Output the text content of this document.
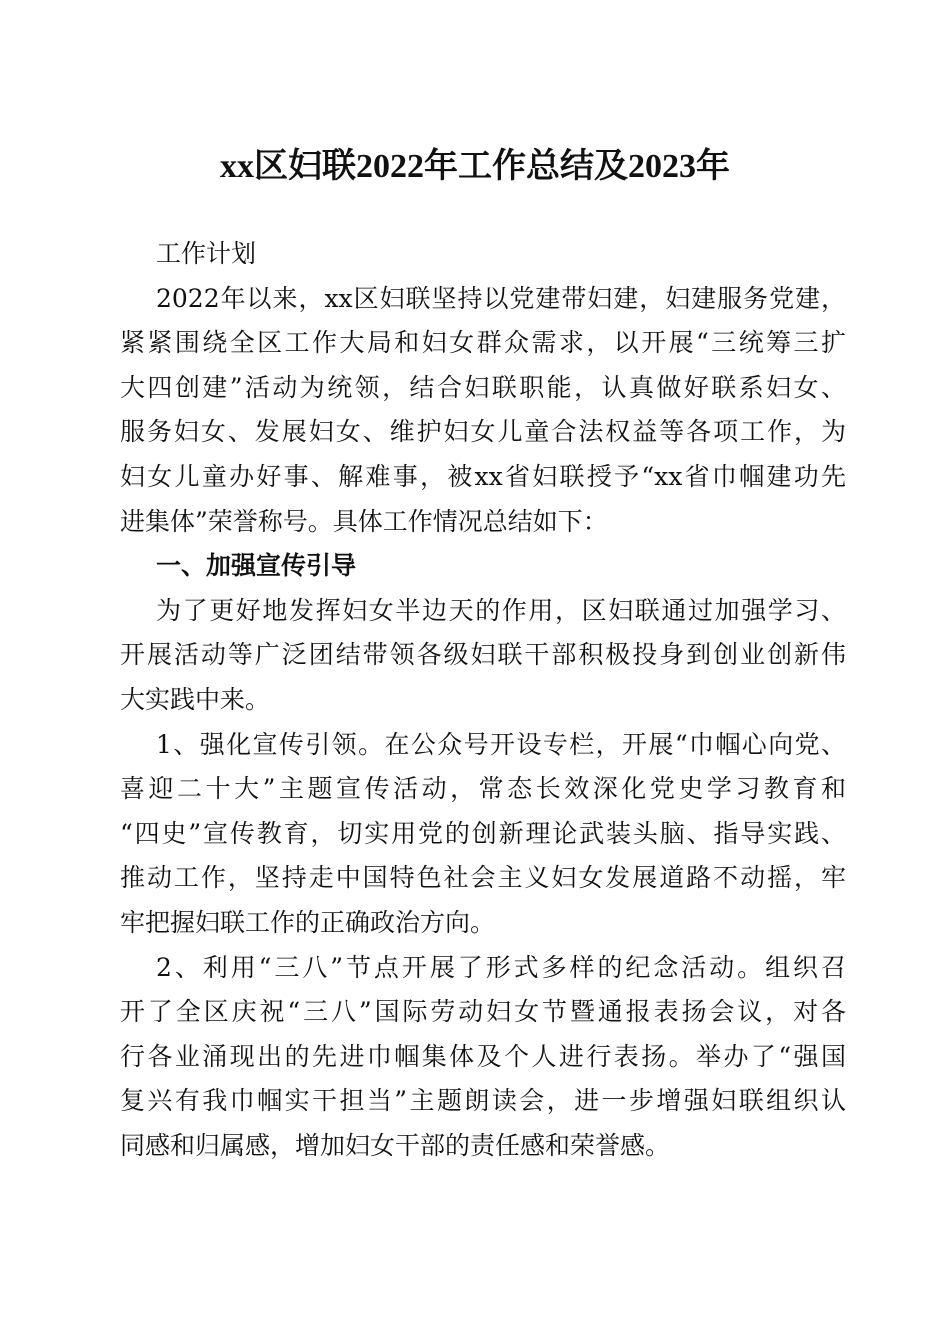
xx区妇联2022年工作总结及2023年
工作计划
2022年以来，xx区妇联坚持以党建带妇建，妇建服务党建，
紧紧围绕全区工作大局和妇女群众需求，以开展“三统筹三扩
大四创建”活动为统领，结合妇联职能，认真做好联系妇女、
服务妇女、发展妇女、维护妇女儿童合法权益等各项工作，为
妇女儿童办好事、解难事，被xx省妇联授予“xx省巾帼建功先
进集体”荣誉称号。具体工作情况总结如下：
一、加强宣传引导
为了更好地发挥妇女半边天的作用，区妇联通过加强学习、
开展活动等广泛团结带领各级妇联干部积极投身到创业创新伟
大实践中来。
1、强化宣传引领。在公众号开设专栏，开展“巾帼心向党、
喜迎二十大”主题宣传活动，常态长效深化党史学习教育和
“四史”宣传教育，切实用党的创新理论武装头脑、指导实践、
推动工作，坚持走中国特色社会主义妇女发展道路不动摇，牢
牢把握妇联工作的正确政治方向。
2、利用“三八”节点开展了形式多样的纪念活动。组织召
开了全区庆祝“三八”国际劳动妇女节暨通报表扬会议，对各
行各业涌现出的先进巾帼集体及个人进行表扬。举办了“强国
复兴有我巾帼实干担当”主题朗读会，进一步增强妇联组织认
同感和归属感，增加妇女干部的责任感和荣誉感。
